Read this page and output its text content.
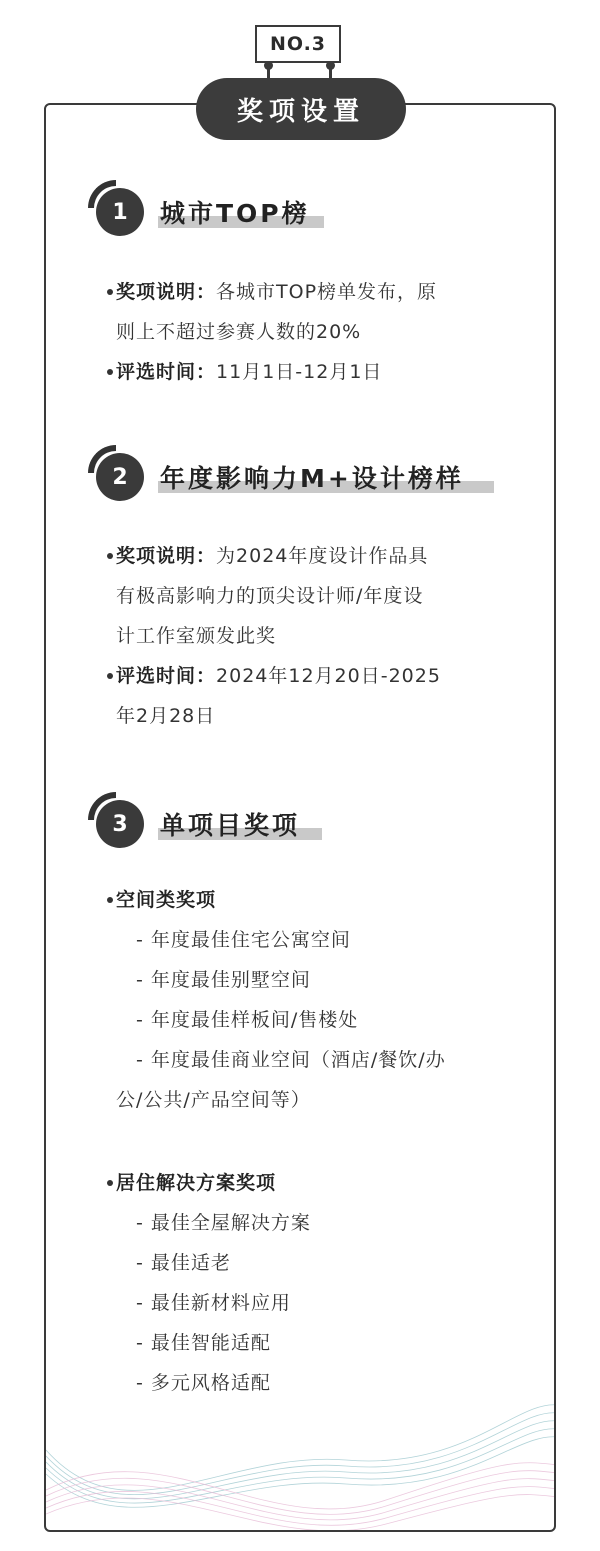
NO.3
奖项设置
1	城市TOP榜
奖项说明：各城市TOP榜单发布，原
则上不超过参赛人数的20%
评选时间：11月1日-12月1日
2	年度影响力M+设计榜样
奖项说明：为2024年度设计作品具
有极高影响力的顶尖设计师/年度设
计工作室颁发此奖
评选时间：2024年12月20日-2025
年2月28日
3	单项目奖项
空间类奖项
- 年度最佳住宅公寓空间
- 年度最佳别墅空间
- 年度最佳样板间/售楼处
- 年度最佳商业空间（酒店/餐饮/办
公/公共/产品空间等）
居住解决方案奖项
- 最佳全屋解决方案
- 最佳适老
- 最佳新材料应用
- 最佳智能适配
- 多元风格适配
